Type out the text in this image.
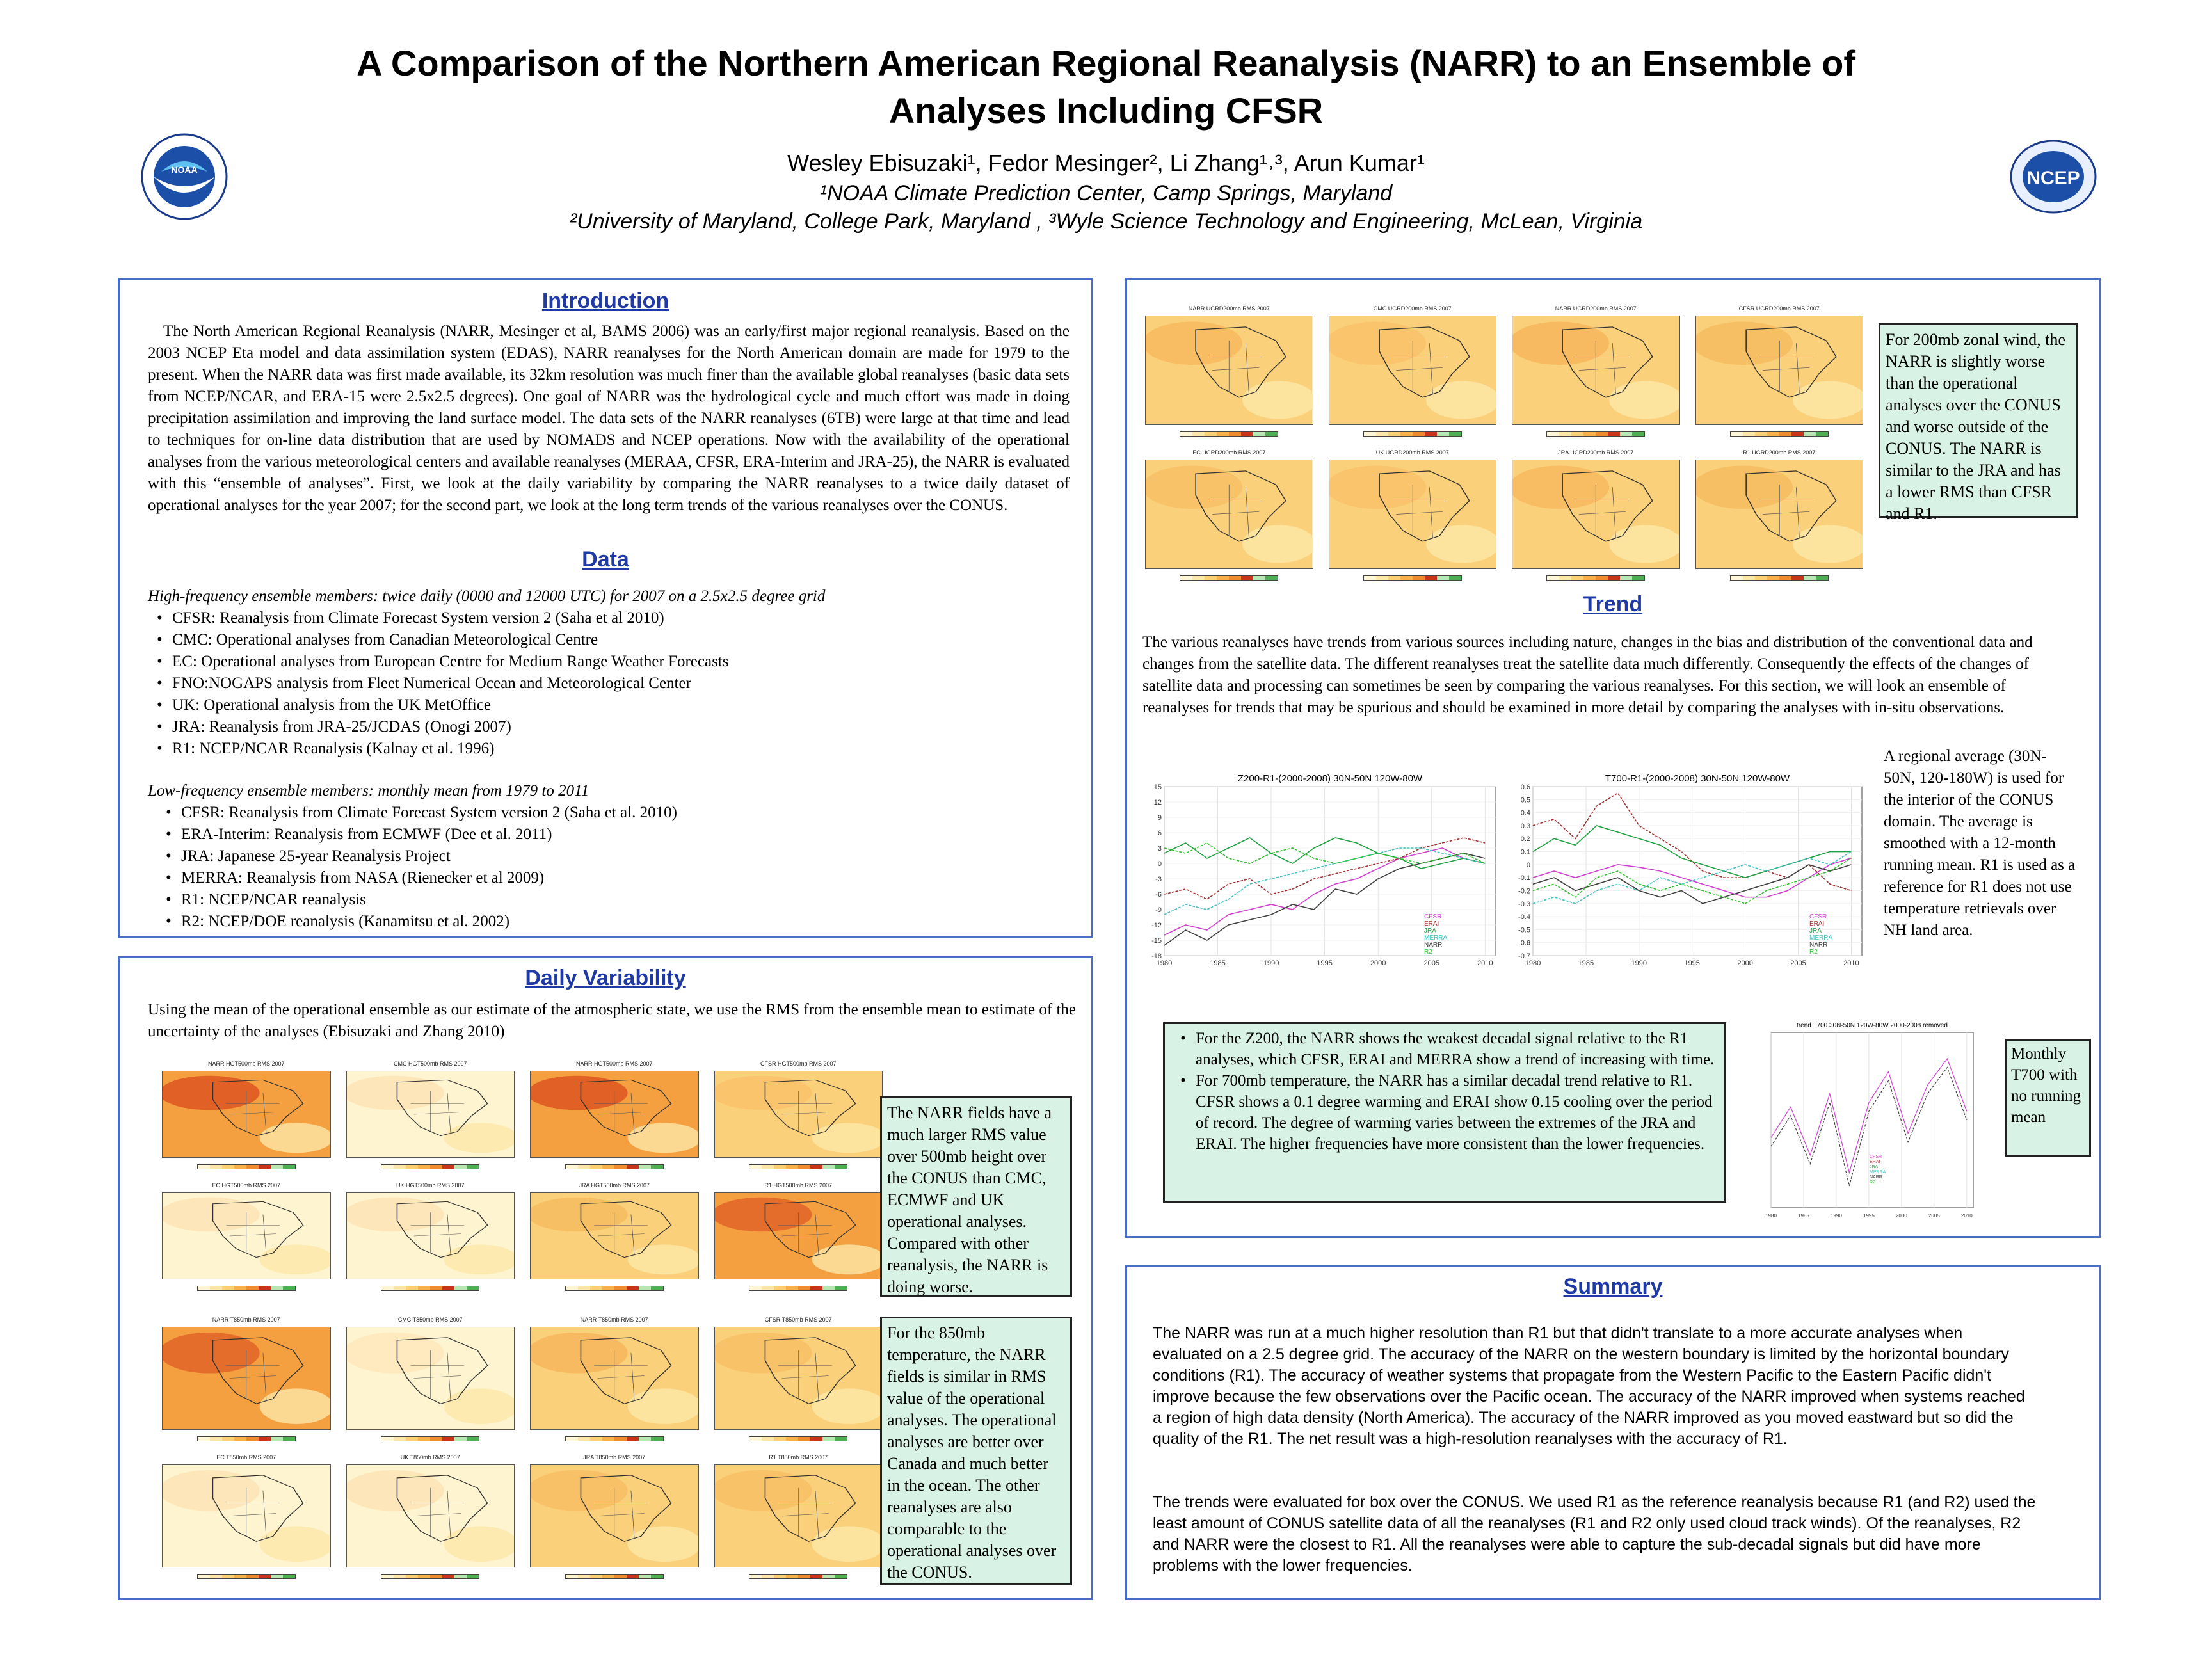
NOAA	NCEP
A Comparison of the Northern American Regional Reanalysis (NARR) to an Ensemble of
Analyses Including CFSR
Wesley Ebisuzaki¹, Fedor Mesinger², Li Zhang¹˒³, Arun Kumar¹
¹NOAA Climate Prediction Center, Camp Springs, Maryland
²University of Maryland, College Park, Maryland , ³Wyle Science Technology and Engineering, McLean, Virginia
Introduction
The North American Regional Reanalysis (NARR, Mesinger et al, BAMS 2006) was an early/first major regional reanalysis. Based on the 2003 NCEP Eta model and data assimilation system (EDAS), NARR reanalyses for the North American domain are made for 1979 to the present. When the NARR data was first made available, its 32km resolution was much finer than the available global reanalyses (basic data sets from NCEP/NCAR, and ERA-15 were 2.5x2.5 degrees). One goal of NARR was the hydrological cycle and much effort was made in doing precipitation assimilation and improving the land surface model. The data sets of the NARR reanalyses (6TB) were large at that time and lead to techniques for on-line data distribution that are used by NOMADS and NCEP operations. Now with the availability of the operational analyses from the various meteorological centers and available reanalyses (MERAA, CFSR, ERA-Interim and JRA-25), the NARR is evaluated with this “ensemble of analyses”. First, we look at the daily variability by comparing the NARR reanalyses to a twice daily dataset of operational analyses for the year 2007; for the second part, we look at the long term trends of the various reanalyses over the CONUS.
Data
High-frequency ensemble members: twice daily (0000 and 12000 UTC) for 2007 on a 2.5x2.5 degree grid
• CFSR: Reanalysis from Climate Forecast System version 2 (Saha et al 2010)
• CMC: Operational analyses from Canadian Meteorological Centre
• EC: Operational analyses from European Centre for Medium Range Weather Forecasts
• FNO:NOGAPS analysis from Fleet Numerical Ocean and Meteorological Center
• UK: Operational analysis from the UK MetOffice
• JRA: Reanalysis from JRA-25/JCDAS (Onogi 2007)
• R1: NCEP/NCAR Reanalysis (Kalnay et al. 1996)
Low-frequency ensemble members: monthly mean from 1979 to 2011
• CFSR: Reanalysis from Climate Forecast System version 2 (Saha et al. 2010)
• ERA-Interim: Reanalysis from ECMWF (Dee et al. 2011)
• JRA: Japanese 25-year Reanalysis Project
• MERRA: Reanalysis from NASA (Rienecker et al 2009)
• R1: NCEP/NCAR reanalysis
• R2: NCEP/DOE reanalysis (Kanamitsu et al. 2002)
Daily Variability
Using the mean of the operational ensemble as our estimate of the atmospheric state, we use the RMS from the ensemble mean to estimate of the uncertainty of the analyses (Ebisuzaki and Zhang 2010)
NARR HGT500mb RMS 2007	CMC HGT500mb RMS 2007	NARR HGT500mb RMS 2007	CFSR HGT500mb RMS 2007
EC HGT500mb RMS 2007	UK HGT500mb RMS 2007	JRA HGT500mb RMS 2007	R1 HGT500mb RMS 2007
NARR T850mb RMS 2007	CMC T850mb RMS 2007	NARR T850mb RMS 2007	CFSR T850mb RMS 2007
EC T850mb RMS 2007	UK T850mb RMS 2007	JRA T850mb RMS 2007	R1 T850mb RMS 2007
The NARR fields have a much larger RMS value over 500mb height over the CONUS than CMC, ECMWF and UK operational analyses. Compared with other reanalysis, the NARR is doing worse.
For the 850mb temperature, the NARR fields is similar in RMS value of the operational analyses. The operational analyses are better over Canada and much better in the ocean. The other reanalyses are also comparable to the operational analyses over the CONUS.
NARR UGRD200mb RMS 2007	CMC UGRD200mb RMS 2007	NARR UGRD200mb RMS 2007	CFSR UGRD200mb RMS 2007
EC UGRD200mb RMS 2007	UK UGRD200mb RMS 2007	JRA UGRD200mb RMS 2007	R1 UGRD200mb RMS 2007
For 200mb zonal wind, the NARR is slightly worse than the operational analyses over the CONUS and worse outside of the CONUS. The NARR is similar to the JRA and has a lower RMS than CFSR and R1.
Trend
The various reanalyses have trends from various sources including nature, changes in the bias and distribution of the conventional data and changes from the satellite data. The different reanalyses treat the satellite data much differently. Consequently the effects of the changes of satellite data and processing can sometimes be seen by comparing the various reanalyses. For this section, we will look an ensemble of reanalyses for trends that may be spurious and should be examined in more detail by comparing the analyses with in-situ observations.
Z200-R1-(2000-2008) 30N-50N 120W-80W
1980	1985	1990	1995	2000	2005	2010
15
12
9
6
3
0
-3
-6
-9
-12
-15
-18
CFSR
ERAI
JRA
MERRA
NARR
R2
T700-R1-(2000-2008) 30N-50N 120W-80W
1980	1985	1990	1995	2000	2005	2010
0.6
0.5
0.4
0.3
0.2
0.1
0
-0.1
-0.2
-0.3
-0.4
-0.5
-0.6
-0.7
CFSR
ERAI
JRA
MERRA
NARR
R2
A regional average (30N-50N, 120-180W) is used for the interior of the CONUS domain. The average is smoothed with a 12-month running mean. R1 is used as a reference for R1 does not use temperature retrievals over NH land area.
• For the Z200, the NARR shows the weakest decadal signal relative to the R1 analyses, which CFSR, ERAI and MERRA show a trend of increasing with time.
• For 700mb temperature, the NARR has a similar decadal trend relative to R1. CFSR shows a 0.1 degree warming and ERAI show 0.15 cooling over the period of record. The degree of warming varies between the extremes of the JRA and ERAI. The higher frequencies have more consistent than the lower frequencies.
trend T700 30N-50N 120W-80W 2000-2008 removed
1980	1985	1990	1995	2000	2005	2010
CFSR
ERAI
JRA
MERRA
NARR
R2
Monthly T700 with no running mean
Summary
The NARR was run at a much higher resolution than R1 but that didn't translate to a more accurate analyses when evaluated on a 2.5 degree grid. The accuracy of the NARR on the western boundary is limited by the horizontal boundary conditions (R1). The accuracy of weather systems that propagate from the Western Pacific to the Eastern Pacific didn't improve because the few observations over the Pacific ocean. The accuracy of the NARR improved when systems reached a region of high data density (North America). The accuracy of the NARR improved as you moved eastward but so did the quality of the R1. The net result was a high-resolution reanalyses with the accuracy of R1.
The trends were evaluated for box over the CONUS. We used R1 as the reference reanalysis because R1 (and R2) used the least amount of CONUS satellite data of all the reanalyses (R1 and R2 only used cloud track winds). Of the reanalyses, R2 and NARR were the closest to R1. All the reanalyses were able to capture the sub-decadal signals but did have more problems with the lower frequencies.
